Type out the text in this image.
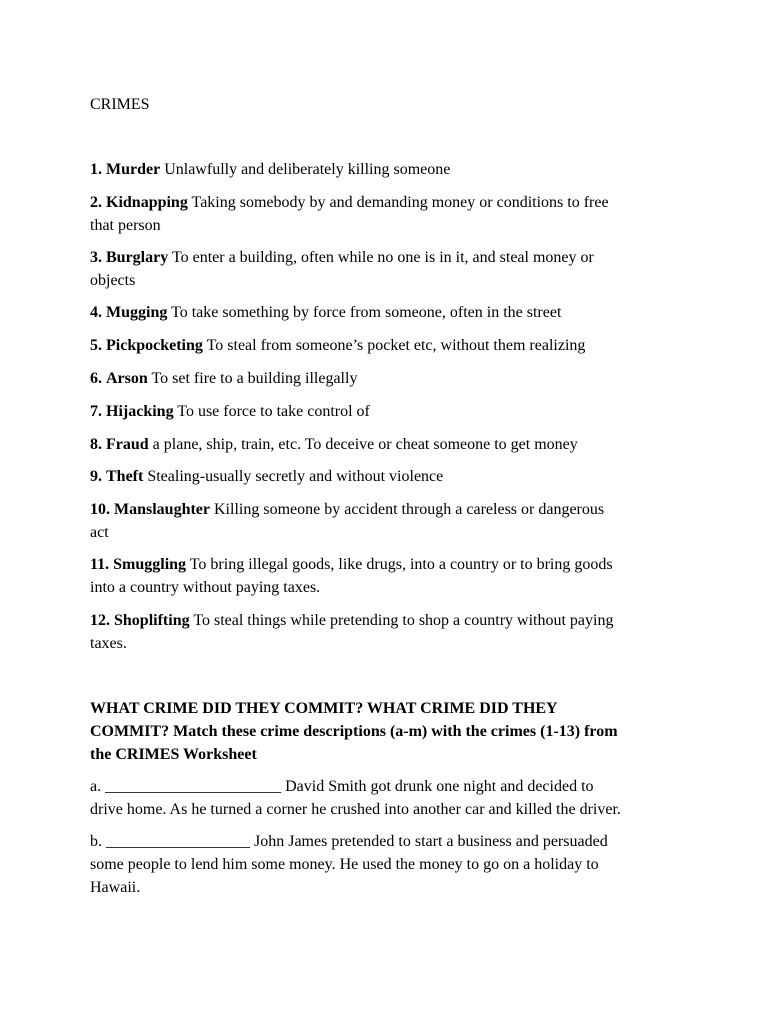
CRIMES
1. Murder Unlawfully and deliberately killing someone
2. Kidnapping Taking somebody by and demanding money or conditions to free
that person
3. Burglary To enter a building, often while no one is in it, and steal money or
objects
4. Mugging To take something by force from someone, often in the street
5. Pickpocketing To steal from someone’s pocket etc, without them realizing
6. Arson To set fire to a building illegally
7. Hijacking To use force to take control of
8. Fraud a plane, ship, train, etc. To deceive or cheat someone to get money
9. Theft Stealing-usually secretly and without violence
10. Manslaughter Killing someone by accident through a careless or dangerous
act
11. Smuggling To bring illegal goods, like drugs, into a country or to bring goods
into a country without paying taxes.
12. Shoplifting To steal things while pretending to shop a country without paying
taxes.
WHAT CRIME DID THEY COMMIT? WHAT CRIME DID THEY
COMMIT? Match these crime descriptions (a-m) with the crimes (1-13) from
the CRIMES Worksheet
a. ______________________ David Smith got drunk one night and decided to
drive home. As he turned a corner he crushed into another car and killed the driver.
b. __________________ John James pretended to start a business and persuaded
some people to lend him some money. He used the money to go on a holiday to
Hawaii.
